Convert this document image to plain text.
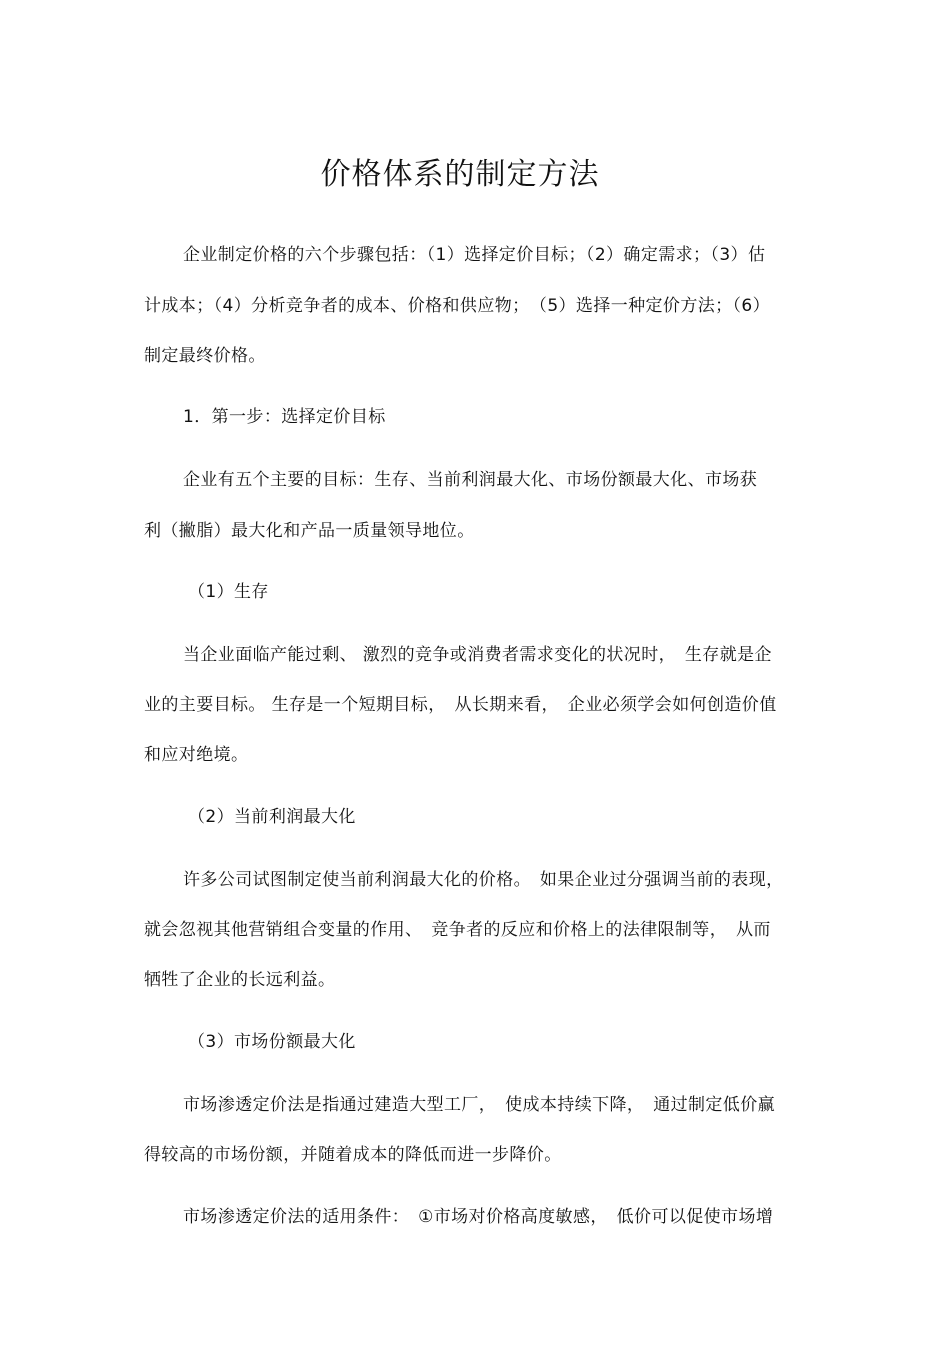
价格体系的制定方法
企业制定价格的六个步骤包括：（1）选择定价目标；（2）确定需求；（3）估
计成本；（4）分析竞争者的成本、价格和供应物；　（5）选择一种定价方法；（6）
制定最终价格。
1．第一步：选择定价目标
企业有五个主要的目标：生存、当前利润最大化、市场份额最大化、市场获
利（撇脂）最大化和产品一质量领导地位。
（1）生存
当企业面临产能过剩、 激烈的竞争或消费者需求变化的状况时，　生存就是企
业的主要目标。 生存是一个短期目标，　从长期来看，　企业必须学会如何创造价值
和应对绝境。
（2）当前利润最大化
许多公司试图制定使当前利润最大化的价格。　如果企业过分强调当前的表现，
就会忽视其他营销组合变量的作用、　竞争者的反应和价格上的法律限制等，　从而
牺牲了企业的长远利益。
（3）市场份额最大化
市场渗透定价法是指通过建造大型工厂，　使成本持续下降，　通过制定低价赢
得较高的市场份额，并随着成本的降低而进一步降价。
市场渗透定价法的适用条件：　①市场对价格高度敏感，　低价可以促使市场增
